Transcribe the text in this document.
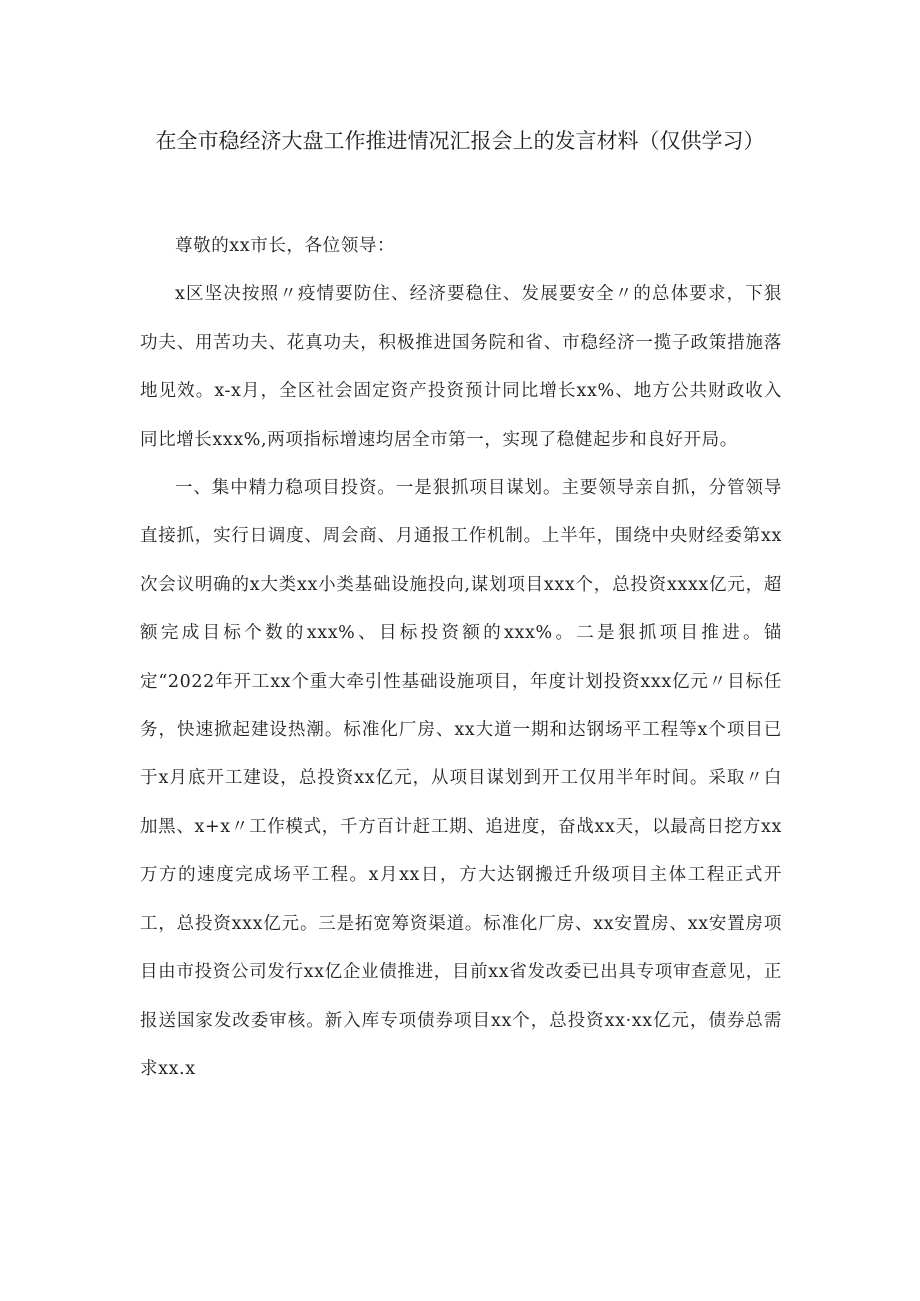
在全市稳经济大盘工作推进情况汇报会上的发言材料（仅供学习）

尊敬的xx市长，各位领导：

x区坚决按照〃疫情要防住、经济要稳住、发展要安全〃的总体要求，下狠功夫、用苦功夫、花真功夫，积极推进国务院和省、市稳经济一揽子政策措施落地见效。x-x月，全区社会固定资产投资预计同比增长xx%、地方公共财政收入同比增长xxx%,两项指标增速均居全市第一，实现了稳健起步和良好开局。

一、集中精力稳项目投资。一是狠抓项目谋划。主要领导亲自抓，分管领导直接抓，实行日调度、周会商、月通报工作机制。上半年，围绕中央财经委第xx次会议明确的x大类xx小类基础设施投向,谋划项目xxx个，总投资xxxx亿元，超额完成目标个数的xxx%、目标投资额的xxx%。二是狠抓项目推进。锚定“2022年开工xx个重大牵引性基础设施项目，年度计划投资xxx亿元〃目标任务，快速掀起建设热潮。标准化厂房、xx大道一期和达钢场平工程等x个项目已于x月底开工建设，总投资xx亿元，从项目谋划到开工仅用半年时间。采取〃白加黑、x+x〃工作模式，千方百计赶工期、追进度，奋战xx天，以最高日挖方xx万方的速度完成场平工程。x月xx日，方大达钢搬迁升级项目主体工程正式开工，总投资xxx亿元。三是拓宽筹资渠道。标准化厂房、xx安置房、xx安置房项目由市投资公司发行xx亿企业债推进，目前xx省发改委已出具专项审查意见，正报送国家发改委审核。新入库专项债券项目xx个，总投资xx·xx亿元，债券总需求xx.x
